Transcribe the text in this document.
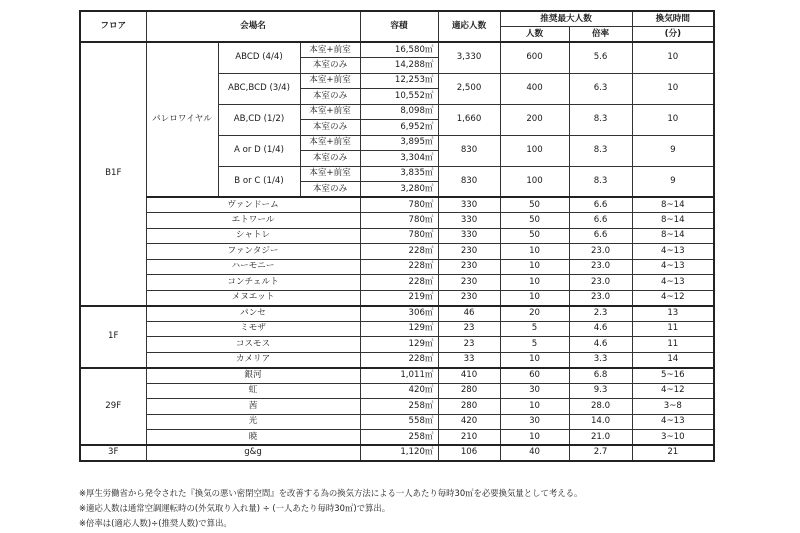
フロア	会場名			容積	適応人数	推奨最大人数		換気時間
						人数	倍率	(分)
B1F	パレロワイヤル	ABCD (4/4)	本室+前室	16,580㎥	3,330	600	5.6	10
			本室のみ	14,288㎥				
		ABC,BCD (3/4)	本室+前室	12,253㎥	2,500	400	6.3	10
			本室のみ	10,552㎥				
		AB,CD (1/2)	本室+前室	8,098㎥	1,660	200	8.3	10
			本室のみ	6,952㎥				
		A or D (1/4)	本室+前室	3,895㎥	830	100	8.3	9
			本室のみ	3,304㎥				
		B or C (1/4)	本室+前室	3,835㎥	830	100	8.3	9
			本室のみ	3,280㎥				
	ヴァンドーム			780㎥	330	50	6.6	8~14
	エトワール			780㎥	330	50	6.6	8~14
	シャトレ			780㎥	330	50	6.6	8~14
	ファンタジー			228㎥	230	10	23.0	4~13
	ハーモニー			228㎥	230	10	23.0	4~13
	コンチェルト			228㎥	230	10	23.0	4~13
	メヌエット			219㎥	230	10	23.0	4~12
1F	パンセ			306㎥	46	20	2.3	13
	ミモザ			129㎥	23	5	4.6	11
	コスモス			129㎥	23	5	4.6	11
	カメリア			228㎥	33	10	3.3	14
29F	銀河			1,011㎥	410	60	6.8	5~16
	虹			420㎥	280	30	9.3	4~12
	茜			258㎥	280	10	28.0	3~8
	光			558㎥	420	30	14.0	4~13
	暁			258㎥	210	10	21.0	3~10
3F	g&g			1,120㎥	106	40	2.7	21
※厚生労働省から発令された『換気の悪い密閉空間』を改善する為の換気方法による一人あたり毎時30㎥を必要換気量として考える。
※適応人数は通常空調運転時の(外気取り入れ量) ÷ (一人あたり毎時30㎥)で算出。
※倍率は(適応人数)÷(推奨人数)で算出。
